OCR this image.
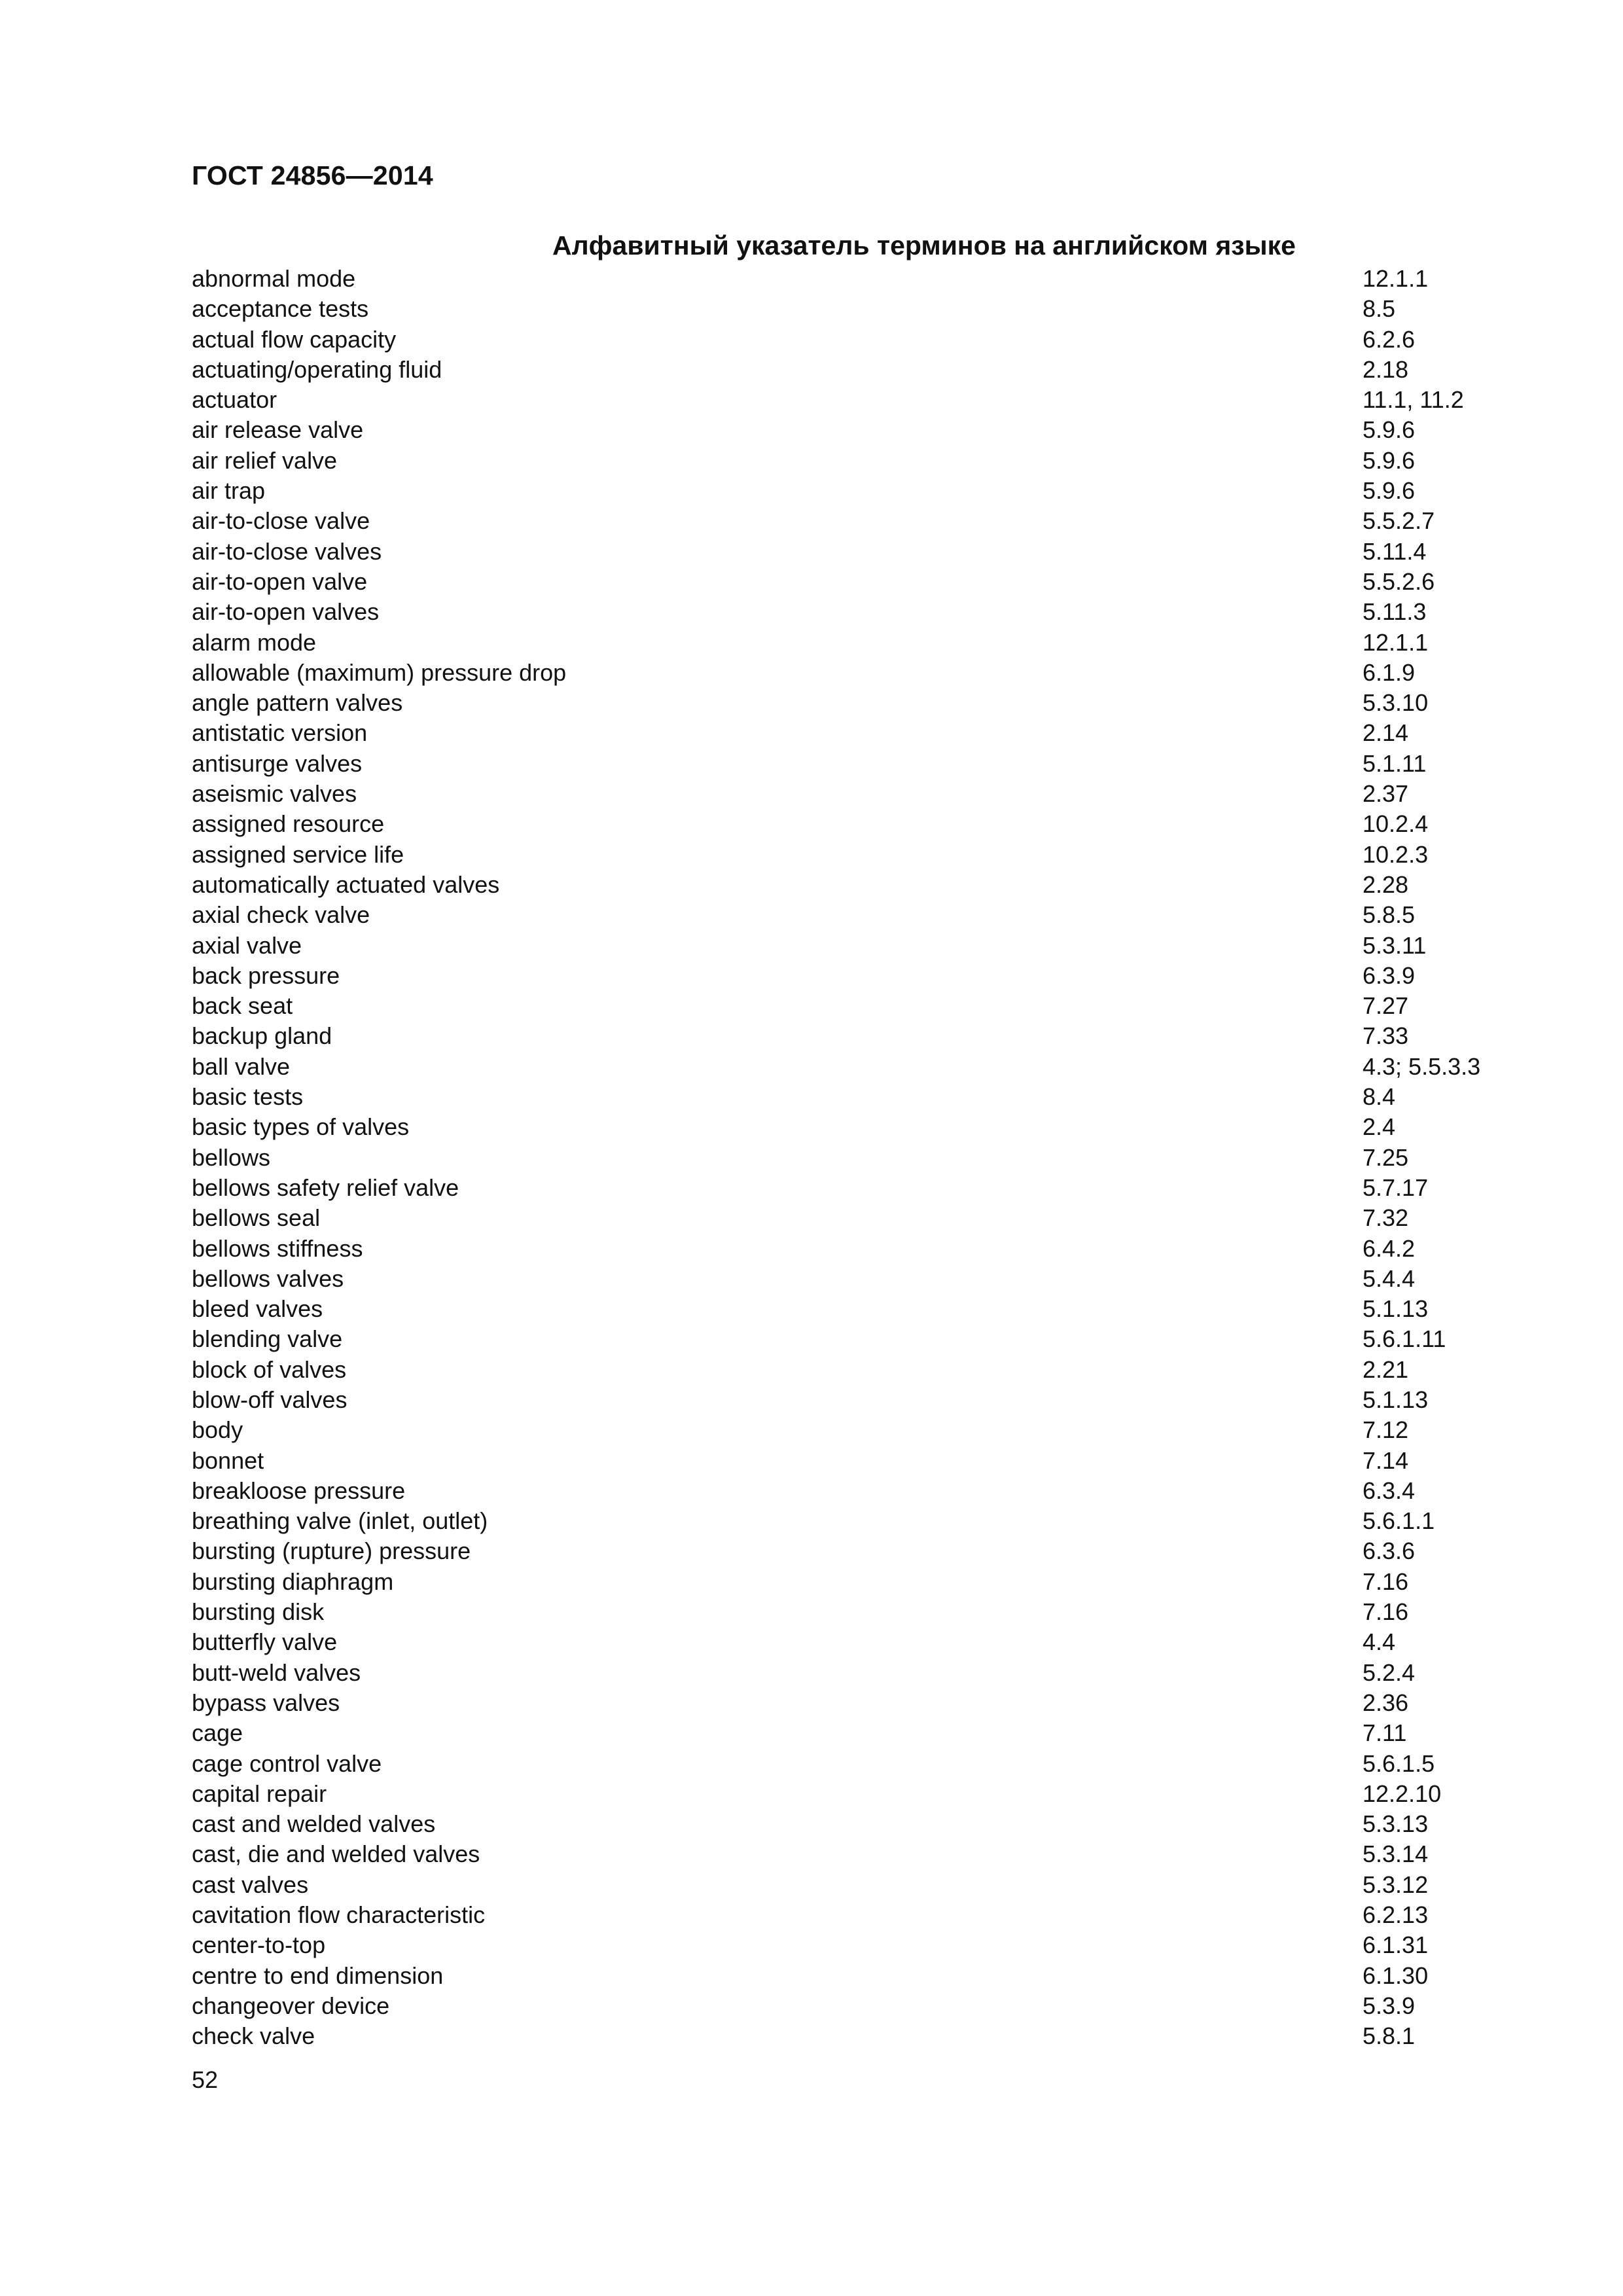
ГОСТ 24856—2014
Алфавитный указатель терминов на английском языке
abnormal mode	12.1.1
acceptance tests	8.5
actual flow capacity	6.2.6
actuating/operating fluid	2.18
actuator	11.1, 11.2
air release valve	5.9.6
air relief valve	5.9.6
air trap	5.9.6
air-to-close valve	5.5.2.7
air-to-close valves	5.11.4
air-to-open valve	5.5.2.6
air-to-open valves	5.11.3
alarm mode	12.1.1
allowable (maximum) pressure drop	6.1.9
angle pattern valves	5.3.10
antistatic version	2.14
antisurge valves	5.1.11
aseismic valves	2.37
assigned resource	10.2.4
assigned service life	10.2.3
automatically actuated valves	2.28
axial check valve	5.8.5
axial valve	5.3.11
back pressure	6.3.9
back seat	7.27
backup gland	7.33
ball valve	4.3; 5.5.3.3
basic tests	8.4
basic types of valves	2.4
bellows	7.25
bellows safety relief valve	5.7.17
bellows seal	7.32
bellows stiffness	6.4.2
bellows valves	5.4.4
bleed valves	5.1.13
blending valve	5.6.1.11
block of valves	2.21
blow-off valves	5.1.13
body	7.12
bonnet	7.14
breakloose pressure	6.3.4
breathing valve (inlet, outlet)	5.6.1.1
bursting (rupture) pressure	6.3.6
bursting diaphragm	7.16
bursting disk	7.16
butterfly valve	4.4
butt-weld valves	5.2.4
bypass valves	2.36
cage	7.11
cage control valve	5.6.1.5
capital repair	12.2.10
cast and welded valves	5.3.13
cast, die and welded valves	5.3.14
cast valves	5.3.12
cavitation flow characteristic	6.2.13
center-to-top	6.1.31
centre to end dimension	6.1.30
changeover device	5.3.9
check valve	5.8.1
52
